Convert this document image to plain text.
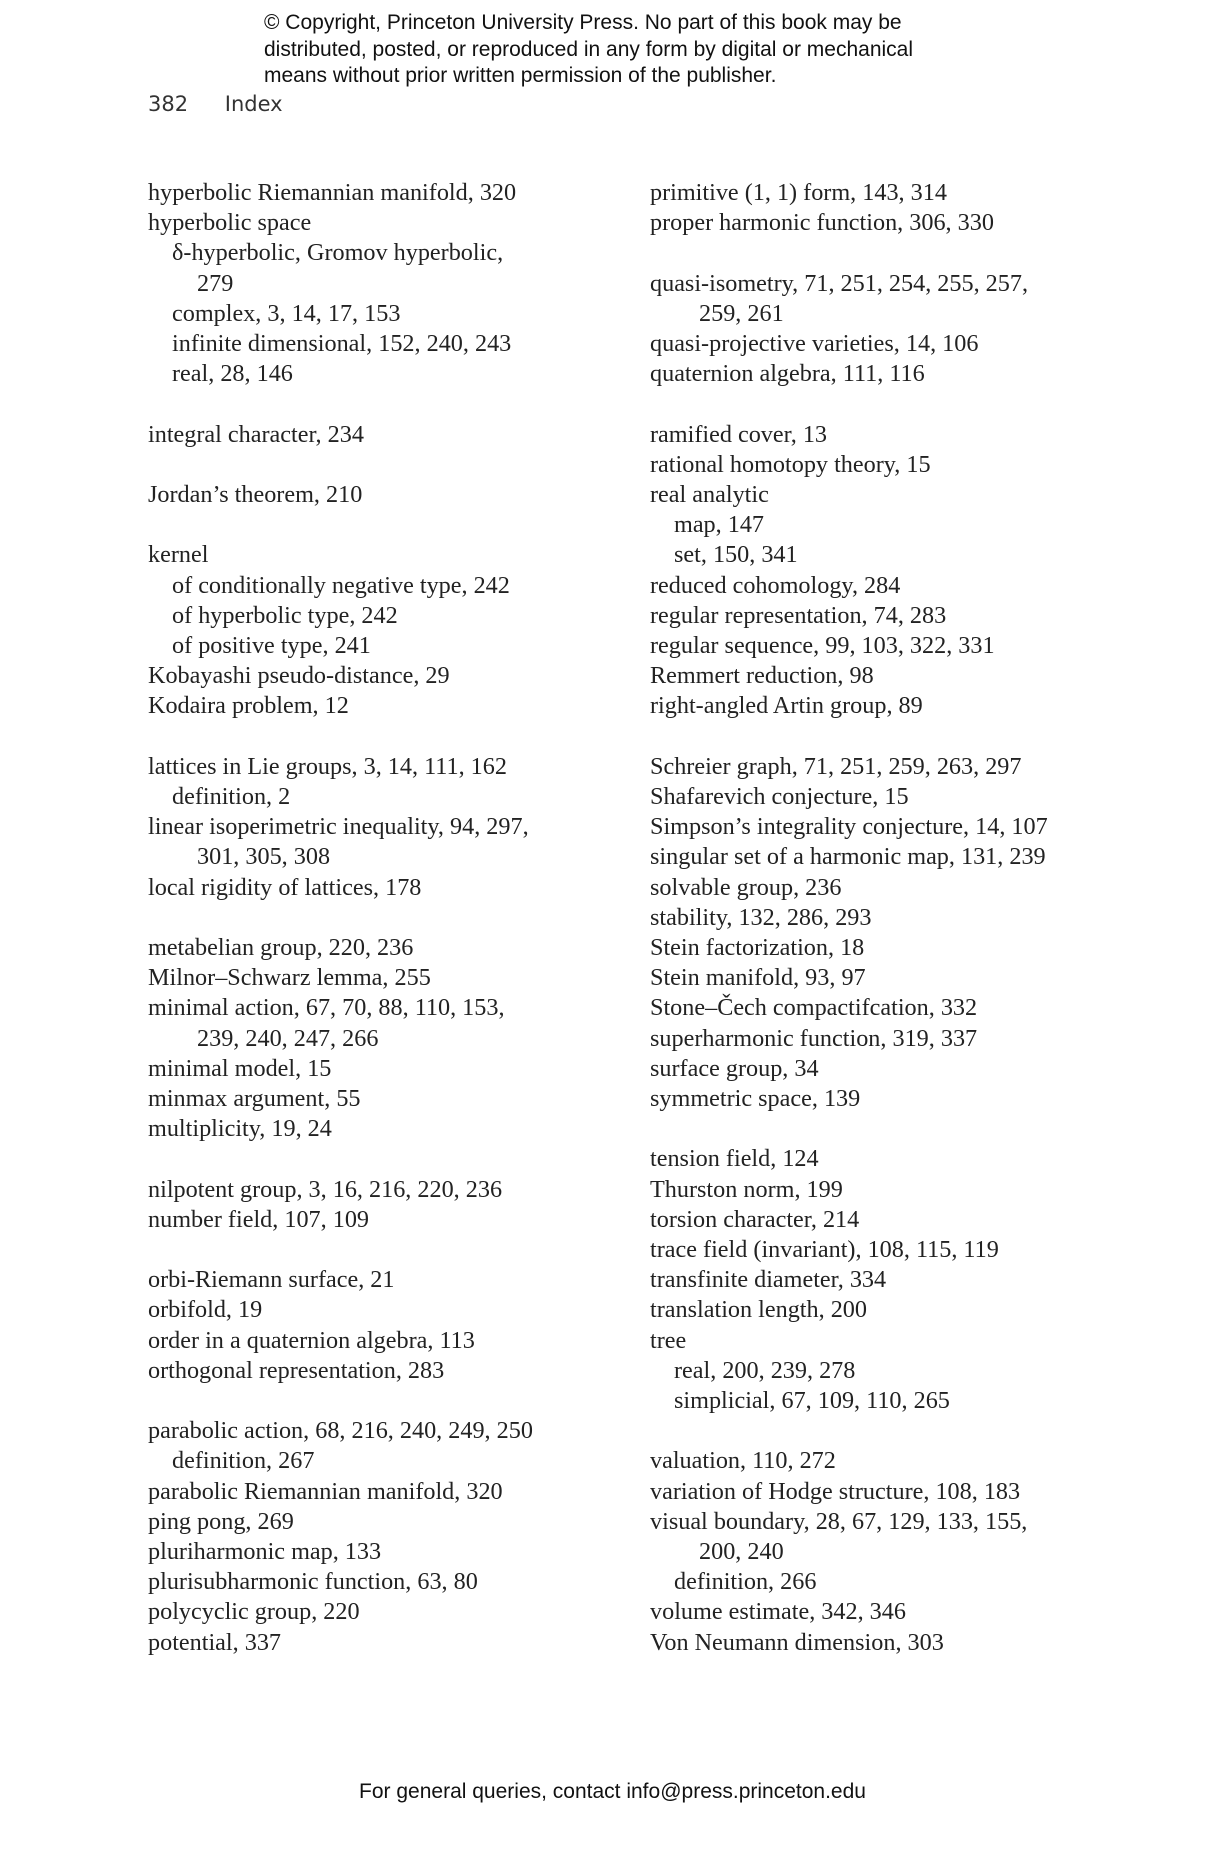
© Copyright, Princeton University Press. No part of this book may be
distributed, posted, or reproduced in any form by digital or mechanical
means without prior written permission of the publisher.
382 Index
hyperbolic Riemannian manifold, 320
hyperbolic space
δ-hyperbolic, Gromov hyperbolic,
279
complex, 3, 14, 17, 153
infinite dimensional, 152, 240, 243
real, 28, 146
integral character, 234
Jordan’s theorem, 210
kernel
of conditionally negative type, 242
of hyperbolic type, 242
of positive type, 241
Kobayashi pseudo-distance, 29
Kodaira problem, 12
lattices in Lie groups, 3, 14, 111, 162
definition, 2
linear isoperimetric inequality, 94, 297,
301, 305, 308
local rigidity of lattices, 178
metabelian group, 220, 236
Milnor–Schwarz lemma, 255
minimal action, 67, 70, 88, 110, 153,
239, 240, 247, 266
minimal model, 15
minmax argument, 55
multiplicity, 19, 24
nilpotent group, 3, 16, 216, 220, 236
number field, 107, 109
orbi-Riemann surface, 21
orbifold, 19
order in a quaternion algebra, 113
orthogonal representation, 283
parabolic action, 68, 216, 240, 249, 250
definition, 267
parabolic Riemannian manifold, 320
ping pong, 269
pluriharmonic map, 133
plurisubharmonic function, 63, 80
polycyclic group, 220
potential, 337
primitive (1, 1) form, 143, 314
proper harmonic function, 306, 330
quasi-isometry, 71, 251, 254, 255, 257,
259, 261
quasi-projective varieties, 14, 106
quaternion algebra, 111, 116
ramified cover, 13
rational homotopy theory, 15
real analytic
map, 147
set, 150, 341
reduced cohomology, 284
regular representation, 74, 283
regular sequence, 99, 103, 322, 331
Remmert reduction, 98
right-angled Artin group, 89
Schreier graph, 71, 251, 259, 263, 297
Shafarevich conjecture, 15
Simpson’s integrality conjecture, 14, 107
singular set of a harmonic map, 131, 239
solvable group, 236
stability, 132, 286, 293
Stein factorization, 18
Stein manifold, 93, 97
Stone–Čech compactifcation, 332
superharmonic function, 319, 337
surface group, 34
symmetric space, 139
tension field, 124
Thurston norm, 199
torsion character, 214
trace field (invariant), 108, 115, 119
transfinite diameter, 334
translation length, 200
tree
real, 200, 239, 278
simplicial, 67, 109, 110, 265
valuation, 110, 272
variation of Hodge structure, 108, 183
visual boundary, 28, 67, 129, 133, 155,
200, 240
definition, 266
volume estimate, 342, 346
Von Neumann dimension, 303
For general queries, contact info@press.princeton.edu
